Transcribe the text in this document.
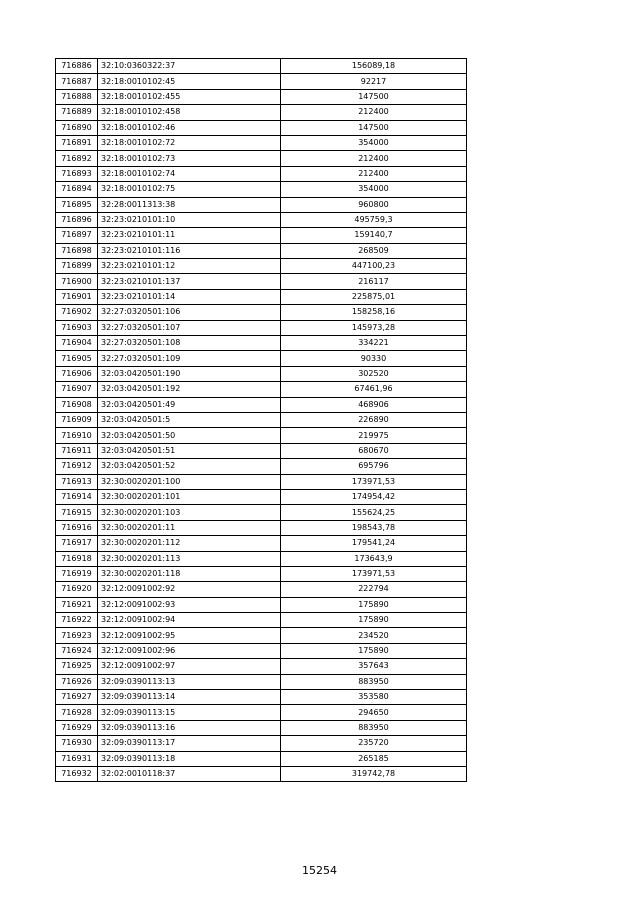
716886	32:10:0360322:37	156089,18
716887	32:18:0010102:45	92217
716888	32:18:0010102:455	147500
716889	32:18:0010102:458	212400
716890	32:18:0010102:46	147500
716891	32:18:0010102:72	354000
716892	32:18:0010102:73	212400
716893	32:18:0010102:74	212400
716894	32:18:0010102:75	354000
716895	32:28:0011313:38	960800
716896	32:23:0210101:10	495759,3
716897	32:23:0210101:11	159140,7
716898	32:23:0210101:116	268509
716899	32:23:0210101:12	447100,23
716900	32:23:0210101:137	216117
716901	32:23:0210101:14	225875,01
716902	32:27:0320501:106	158258,16
716903	32:27:0320501:107	145973,28
716904	32:27:0320501:108	334221
716905	32:27:0320501:109	90330
716906	32:03:0420501:190	302520
716907	32:03:0420501:192	67461,96
716908	32:03:0420501:49	468906
716909	32:03:0420501:5	226890
716910	32:03:0420501:50	219975
716911	32:03:0420501:51	680670
716912	32:03:0420501:52	695796
716913	32:30:0020201:100	173971,53
716914	32:30:0020201:101	174954,42
716915	32:30:0020201:103	155624,25
716916	32:30:0020201:11	198543,78
716917	32:30:0020201:112	179541,24
716918	32:30:0020201:113	173643,9
716919	32:30:0020201:118	173971,53
716920	32:12:0091002:92	222794
716921	32:12:0091002:93	175890
716922	32:12:0091002:94	175890
716923	32:12:0091002:95	234520
716924	32:12:0091002:96	175890
716925	32:12:0091002:97	357643
716926	32:09:0390113:13	883950
716927	32:09:0390113:14	353580
716928	32:09:0390113:15	294650
716929	32:09:0390113:16	883950
716930	32:09:0390113:17	235720
716931	32:09:0390113:18	265185
716932	32:02:0010118:37	319742,78
15254
